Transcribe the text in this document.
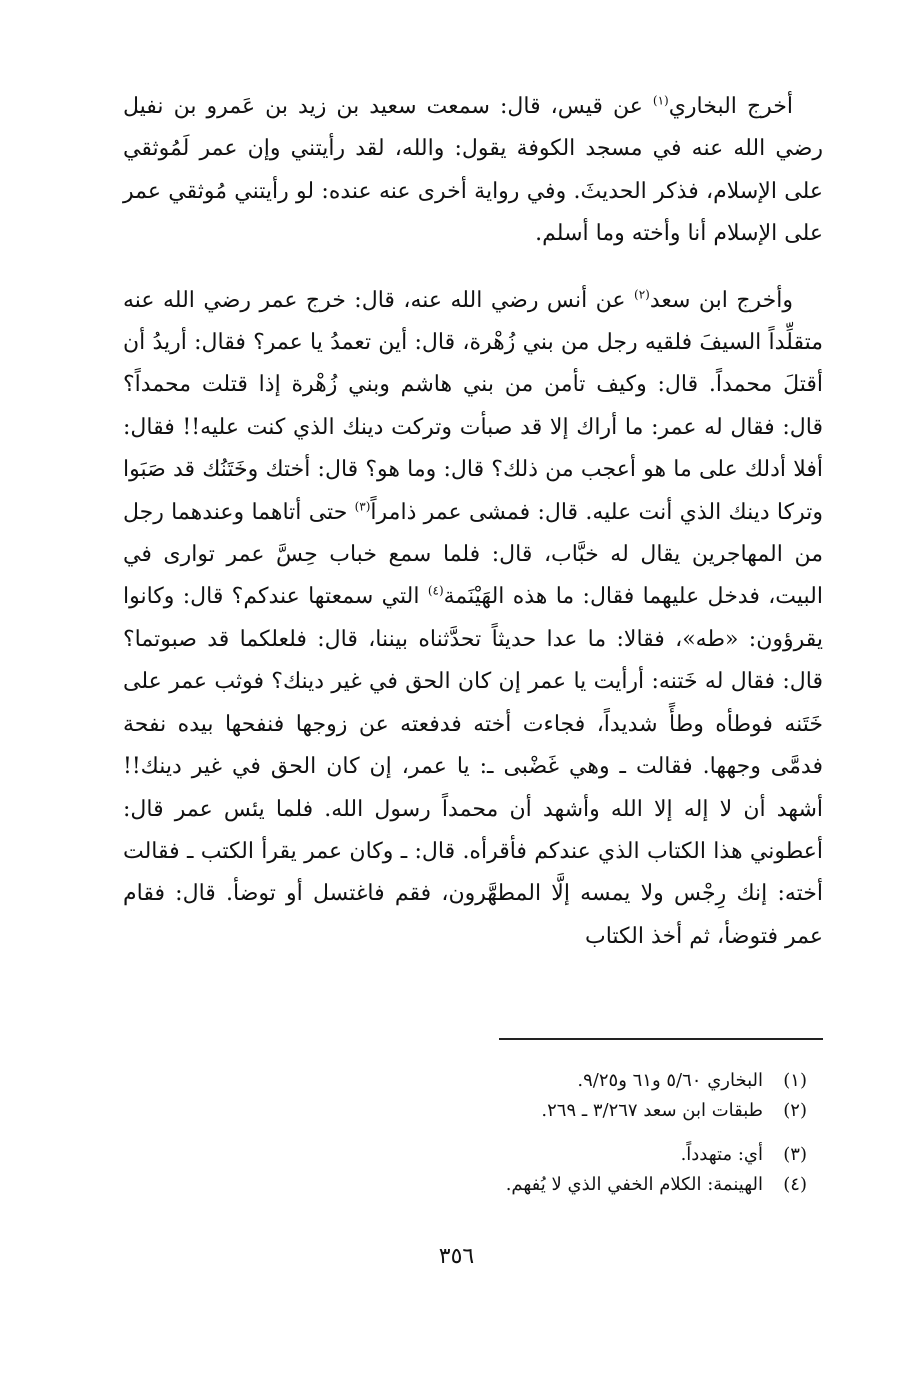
أخرج البخاري$^{(١)}$ عن قيس، قال: سمعت سعيد بن زيد بن عَمرو بن نفيل رضي الله عنه في مسجد الكوفة يقول: والله، لقد رأيتني وإن عمر لَمُوثقي على الإسلام، فذكر الحديثَ. وفي رواية أخرى عنه عنده: لو رأيتني مُوثقي عمر على الإسلام أنا وأخته وما أسلم.

وأخرج ابن سعد$^{(٢)}$ عن أنس رضي الله عنه، قال: خرج عمر رضي الله عنه متقلِّداً السيفَ فلقيه رجل من بني زُهْرة، قال: أين تعمدُ يا عمر؟ فقال: أريدُ أن أقتلَ محمداً. قال: وكيف تأمن من بني هاشم وبني زُهْرة إذا قتلت محمداً؟ قال: فقال له عمر: ما أراك إلا قد صبأت وتركت دينك الذي كنت عليه!! فقال: أفلا أدلك على ما هو أعجب من ذلك؟ قال: وما هو؟ قال: أختك وخَتَنُك قد صَبَوا وتركا دينك الذي أنت عليه. قال: فمشى عمر ذامراً$^{(٣)}$ حتى أتاهما وعندهما رجل من المهاجرين يقال له خبَّاب، قال: فلما سمع خباب حِسَّ عمر توارى في البيت، فدخل عليهما فقال: ما هذه الهَيْنَمة$^{(٤)}$ التي سمعتها عندكم؟ قال: وكانوا يقرؤون: «طه»، فقالا: ما عدا حديثاً تحدَّثناه بيننا، قال: فلعلكما قد صبوتما؟ قال: فقال له خَتنه: أرأيت يا عمر إن كان الحق في غير دينك؟ فوثب عمر على خَتَنه فوطأه وطأً شديداً، فجاءت أخته فدفعته عن زوجها فنفحها بيده نفحة فدمَّى وجهها. فقالت ـ وهي غَضْبى ـ: يا عمر، إن كان الحق في غير دينك!! أشهد أن لا إله إلا الله وأشهد أن محمداً رسول الله. فلما يئس عمر قال: أعطوني هذا الكتاب الذي عندكم فأقرأه. قال: ـ وكان عمر يقرأ الكتب ـ فقالت أخته: إنك رِجْس ولا يمسه إلَّا المطهَّرون، فقم فاغتسل أو توضأ. قال: فقام عمر فتوضأ، ثم أخذ الكتاب

(١)
البخاري ٥/٦٠ و٦١ و٩/٢٥.
(٢)
طبقات ابن سعد ٣/٢٦٧ ـ ٢٦٩.
(٣)
أي: متهدداً.
(٤)
الهينمة: الكلام الخفي الذي لا يُفهم.
٣٥٦
